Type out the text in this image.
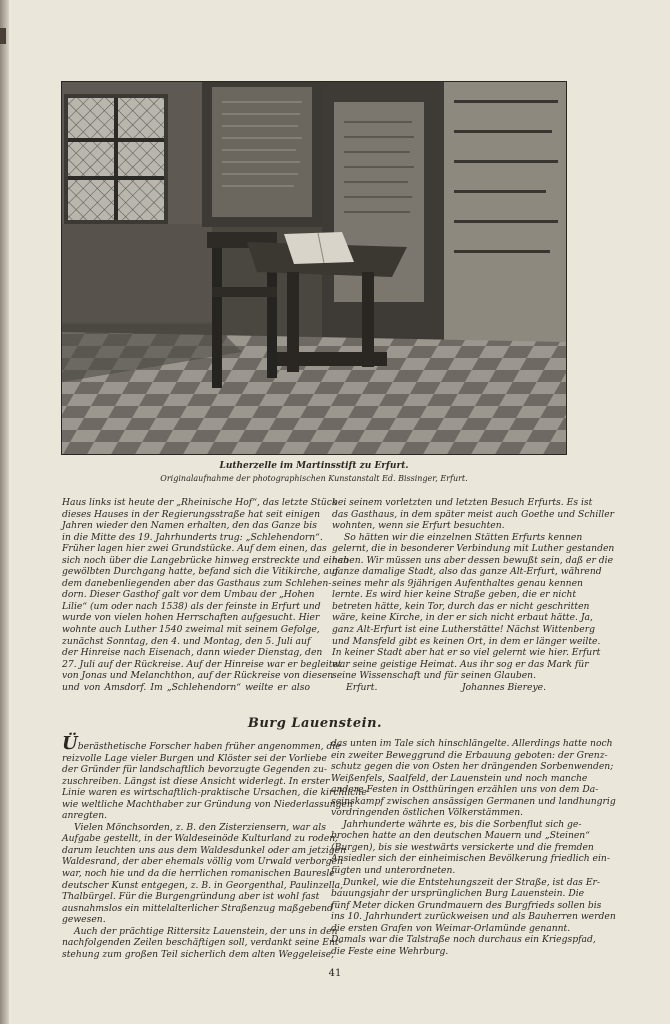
Lutherzelle im Martinsstift zu Erfurt.
Originalaufnahme der photographischen Kunstanstalt Ed. Bissinger, Erfurt.
Haus links ist heute der „Rheinische Hof“, das letzte Stück
dieses Hauses in der Regierungsstraße hat seit einigen
Jahren wieder den Namen erhalten, den das Ganze bis
in die Mitte des 19. Jahrhunderts trug: „Schlehendorn“.
Früher lagen hier zwei Grundstücke. Auf dem einen, das
sich noch über die Langebrücke hinweg erstreckte und einen
gewölbten Durchgang hatte, befand sich die Vitikirche, auf
dem danebenliegenden aber das Gasthaus zum Schlehen-
dorn. Dieser Gasthof galt vor dem Umbau der „Hohen
Lilie“ (um oder nach 1538) als der feinste in Erfurt und
wurde von vielen hohen Herrschaften aufgesucht. Hier
wohnte auch Luther 1540 zweimal mit seinem Gefolge,
zunächst Sonntag, den 4. und Montag, den 5. Juli auf
der Hinreise nach Eisenach, dann wieder Dienstag, den
27. Juli auf der Rückreise. Auf der Hinreise war er begleitet
von Jonas und Melanchthon, auf der Rückreise von diesen
und von Amsdorf. Im „Schlehendorn“ weilte er also
bei seinem vorletzten und letzten Besuch Erfurts. Es ist
das Gasthaus, in dem später meist auch Goethe und Schiller
wohnten, wenn sie Erfurt besuchten.
So hätten wir die einzelnen Stätten Erfurts kennen
gelernt, die in besonderer Verbindung mit Luther gestanden
haben. Wir müssen uns aber dessen bewußt sein, daß er die
ganze damalige Stadt, also das ganze Alt-Erfurt, während
seines mehr als 9jährigen Aufenthaltes genau kennen
lernte. Es wird hier keine Straße geben, die er nicht
betreten hätte, kein Tor, durch das er nicht geschritten
wäre, keine Kirche, in der er sich nicht erbaut hätte. Ja,
ganz Alt-Erfurt ist eine Lutherstätte! Nächst Wittenberg
und Mansfeld gibt es keinen Ort, in dem er länger weilte.
In keiner Stadt aber hat er so viel gelernt wie hier. Erfurt
war seine geistige Heimat. Aus ihr sog er das Mark für
seine Wissenschaft und für seinen Glauben.
Erfurt.	Johannes Biereye.
Burg Lauenstein.
Überästhetische Forscher haben früher angenommen, die
reizvolle Lage vieler Burgen und Klöster sei der Vorliebe
der Gründer für landschaftlich bevorzugte Gegenden zu-
zuschreiben. Längst ist diese Ansicht widerlegt. In erster
Linie waren es wirtschaftlich-praktische Ursachen, die kirchliche
wie weltliche Machthaber zur Gründung von Niederlassungen
anregten.
Vielen Mönchsorden, z. B. den Zisterziensern, war als
Aufgabe gestellt, in der Waldeseinöde Kulturland zu roden;
darum leuchten uns aus dem Waldesdunkel oder am jetzigen
Waldesrand, der aber ehemals völlig vom Urwald verborgen
war, noch hie und da die herrlichen romanischen Bauresle
deutscher Kunst entgegen, z. B. in Georgenthal, Paulinzella,
Thalbürgel. Für die Burgengründung aber ist wohl fast
ausnahmslos ein mittelalterlicher Straßenzug maßgebend
gewesen.
Auch der prächtige Rittersitz Lauenstein, der uns in den
nachfolgenden Zeilen beschäftigen soll, verdankt seine Ent-
stehung zum großen Teil sicherlich dem alten Weggeleise,
das unten im Tale sich hinschlängelte. Allerdings hatte noch
ein zweiter Beweggrund die Erbauung geboten: der Grenz-
schutz gegen die von Osten her drängenden Sorbenwenden;
Weißenfels, Saalfeld, der Lauenstein und noch manche
andere Festen in Ostthüringen erzählen uns von dem Da-
seinskampf zwischen ansässigen Germanen und landhungrig
vordringenden östlichen Völkerstämmen.
Jahrhunderte währte es, bis die Sorbenflut sich ge-
brochen hatte an den deutschen Mauern und „Steinen“
(Burgen), bis sie westwärts versickerte und die fremden
Ansiedler sich der einheimischen Bevölkerung friedlich ein-
fügten und unterordneten.
Dunkel, wie die Entstehungszeit der Straße, ist das Er-
bauungsjahr der ursprünglichen Burg Lauenstein. Die
fünf Meter dicken Grundmauern des Burgfrieds sollen bis
ins 10. Jahrhundert zurückweisen und als Bauherren werden
die ersten Grafen von Weimar-Orlamünde genannt.
Damals war die Talstraße noch durchaus ein Kriegspfad,
die Feste eine Wehrburg.
41
